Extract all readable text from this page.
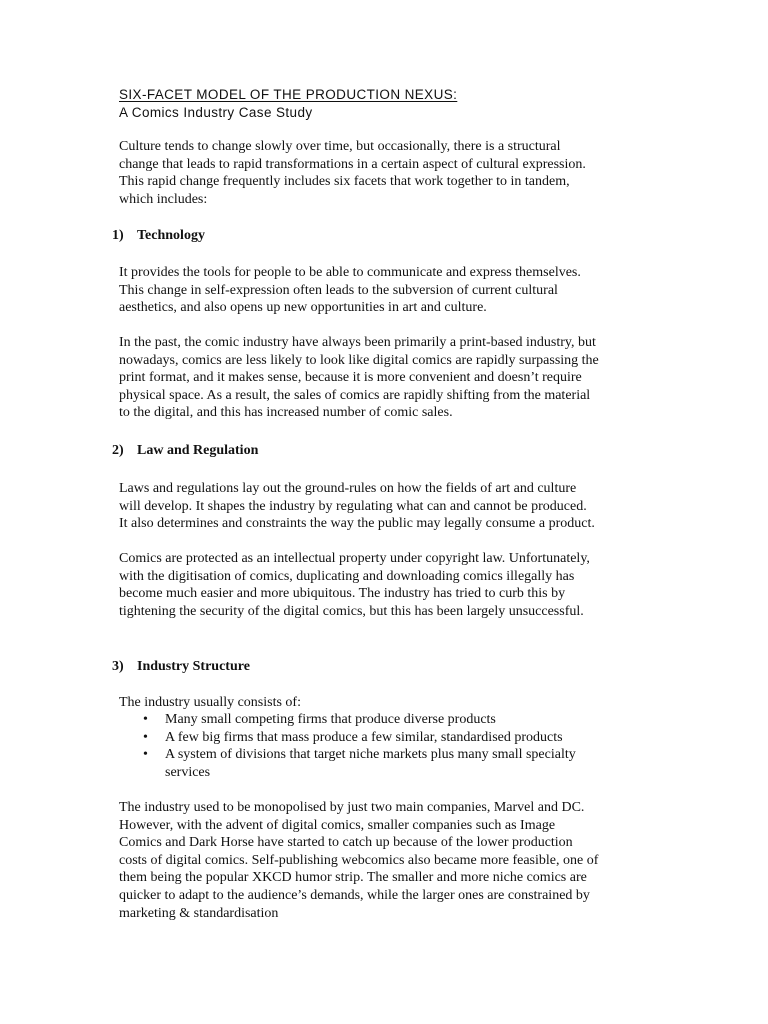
SIX-FACET MODEL OF THE PRODUCTION NEXUS:
A Comics Industry Case Study
Culture tends to change slowly over time, but occasionally, there is a structural
change that leads to rapid transformations in a certain aspect of cultural expression.
This rapid change frequently includes six facets that work together to in tandem,
which includes:
1) Technology
It provides the tools for people to be able to communicate and express themselves.
This change in self-expression often leads to the subversion of current cultural
aesthetics, and also opens up new opportunities in art and culture.
In the past, the comic industry have always been primarily a print-based industry, but
nowadays, comics are less likely to look like digital comics are rapidly surpassing the
print format, and it makes sense, because it is more convenient and doesn’t require
physical space. As a result, the sales of comics are rapidly shifting from the material
to the digital, and this has increased number of comic sales.
2) Law and Regulation
Laws and regulations lay out the ground-rules on how the fields of art and culture
will develop. It shapes the industry by regulating what can and cannot be produced.
It also determines and constraints the way the public may legally consume a product.
Comics are protected as an intellectual property under copyright law. Unfortunately,
with the digitisation of comics, duplicating and downloading comics illegally has
become much easier and more ubiquitous. The industry has tried to curb this by
tightening the security of the digital comics, but this has been largely unsuccessful.
3) Industry Structure
The industry usually consists of:
• Many small competing firms that produce diverse products
• A few big firms that mass produce a few similar, standardised products
• A system of divisions that target niche markets plus many small specialty
services
The industry used to be monopolised by just two main companies, Marvel and DC.
However, with the advent of digital comics, smaller companies such as Image
Comics and Dark Horse have started to catch up because of the lower production
costs of digital comics. Self-publishing webcomics also became more feasible, one of
them being the popular XKCD humor strip. The smaller and more niche comics are
quicker to adapt to the audience’s demands, while the larger ones are constrained by
marketing & standardisation
